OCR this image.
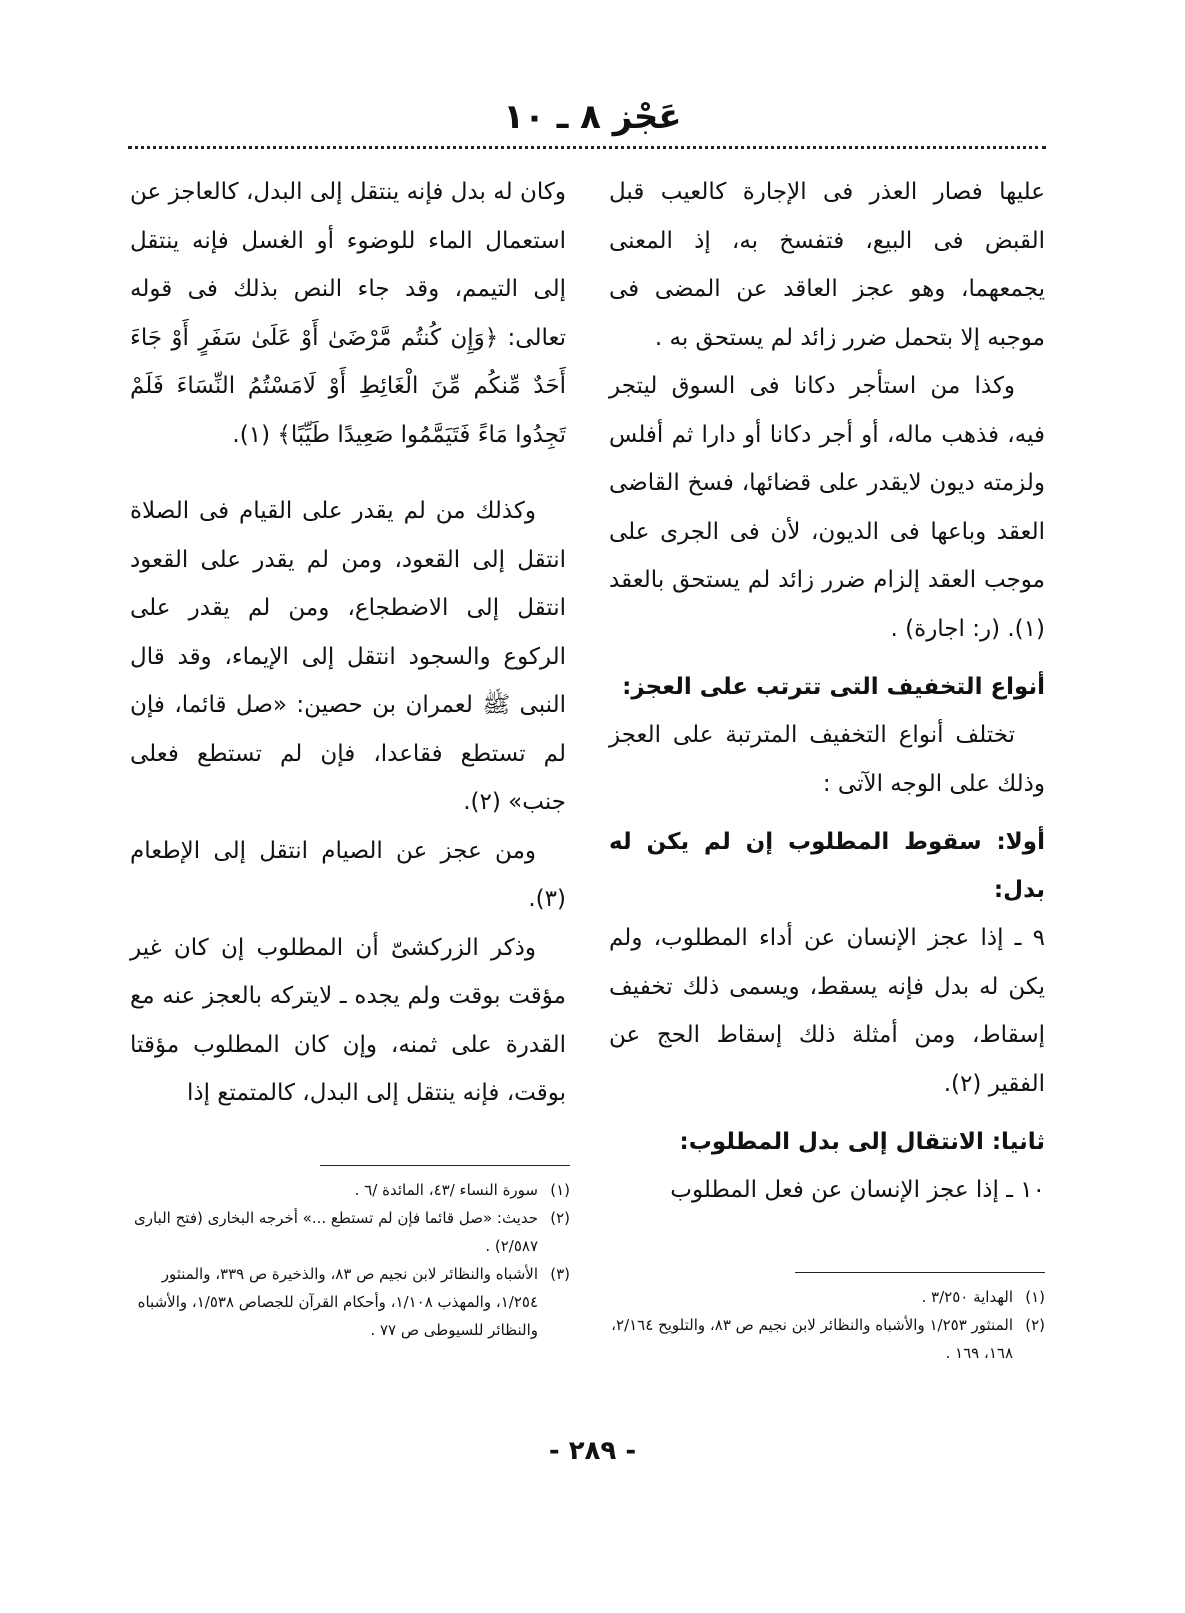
عَجْز ٨ ـ ١٠

عليها فصار العذر فى الإجارة كالعيب قبل القبض فى البيع، فتفسخ به، إذ المعنى يجمعهما، وهو عجز العاقد عن المضى فى موجبه إلا بتحمل ضرر زائد لم يستحق به .

وكذا من استأجر دكانا فى السوق ليتجر فيه، فذهب ماله، أو أجر دكانا أو دارا ثم أفلس ولزمته ديون لايقدر على قضائها، فسخ القاضى العقد وباعها فى الديون، لأن فى الجرى على موجب العقد إلزام ضرر زائد لم يستحق بالعقد (١). (ر: اجارة) .

أنواع التخفيف التى تترتب على العجز:

تختلف أنواع التخفيف المترتبة على العجز وذلك على الوجه الآتى :

أولا: سقوط المطلوب إن لم يكن له بدل:

٩ ـ إذا عجز الإنسان عن أداء المطلوب، ولم يكن له بدل فإنه يسقط، ويسمى ذلك تخفيف إسقاط، ومن أمثلة ذلك إسقاط الحج عن الفقير (٢).

ثانيا: الانتقال إلى بدل المطلوب:

١٠ ـ إذا عجز الإنسان عن فعل المطلوب

وكان له بدل فإنه ينتقل إلى البدل، كالعاجز عن استعمال الماء للوضوء أو الغسل فإنه ينتقل إلى التيمم، وقد جاء النص بذلك فى قوله تعالى: ﴿وَإِن كُنتُم مَّرْضَىٰ أَوْ عَلَىٰ سَفَرٍ أَوْ جَاءَ أَحَدٌ مِّنكُم مِّنَ الْغَائِطِ أَوْ لَامَسْتُمُ النِّسَاءَ فَلَمْ تَجِدُوا مَاءً فَتَيَمَّمُوا صَعِيدًا طَيِّبًا﴾ (١).

وكذلك من لم يقدر على القيام فى الصلاة انتقل إلى القعود، ومن لم يقدر على القعود انتقل إلى الاضطجاع، ومن لم يقدر على الركوع والسجود انتقل إلى الإيماء، وقد قال النبى ﷺ لعمران بن حصين: «صل قائما، فإن لم تستطع فقاعدا، فإن لم تستطع فعلى جنب» (٢).

ومن عجز عن الصيام انتقل إلى الإطعام (٣).

وذكر الزركشىّ أن المطلوب إن كان غير مؤقت بوقت ولم يجده ـ لايتركه بالعجز عنه مع القدرة على ثمنه، وإن كان المطلوب مؤقتا بوقت، فإنه ينتقل إلى البدل، كالمتمتع إذا

(١)
سورة النساء /٤٣، المائدة /٦ .
(٢)
حديث: «صل قائما فإن لم تستطع ...» أخرجه البخارى (فتح البارى ٢/٥٨٧) .
(٣)
الأشباه والنظائر لابن نجيم ص ٨٣، والذخيرة ص ٣٣٩، والمنثور ١/٢٥٤، والمهذب ١/١٠٨، وأحكام القرآن للجصاص ١/٥٣٨، والأشباه والنظائر للسيوطى ص ٧٧ .
(١)
الهداية ٣/٢٥٠ .
(٢)
المنثور ١/٢٥٣ والأشباه والنظائر لابن نجيم ص ٨٣، والتلويح ٢/١٦٤، ١٦٨، ١٦٩ .
- ٢٨٩ -
